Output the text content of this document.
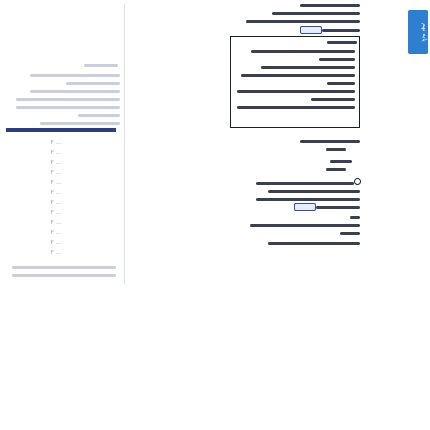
پایه نهم
... ۲
... ۲
... ۲
... ۲
... ۲
... ۲
... ۲
... ۲
... ۲
... ۲
... ۲
... ۲
